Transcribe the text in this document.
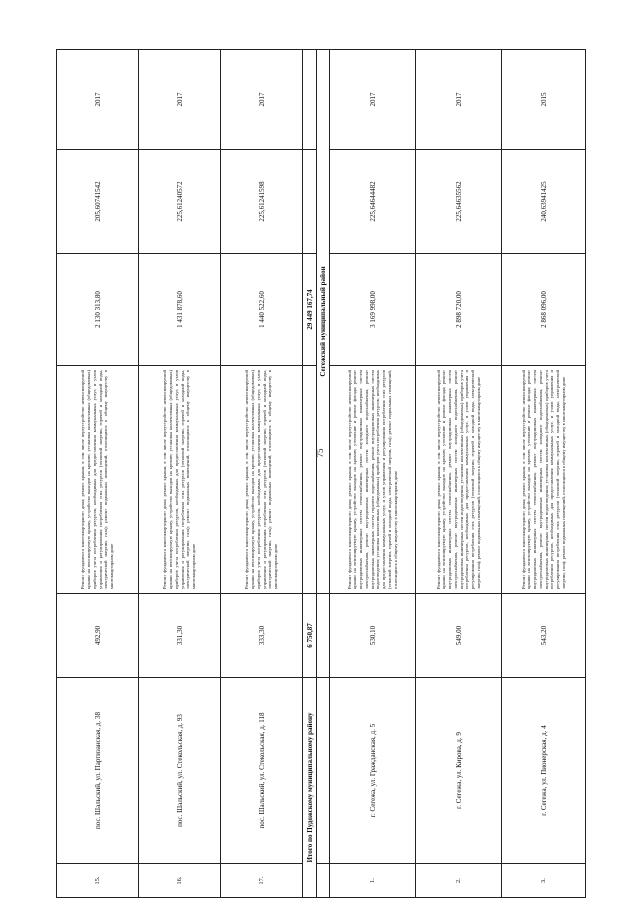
75
15.	пос. Шальский, ул. Партизанская, д. 38	492,90	Ремонт фундамента многоквартирного дома; ремонт крыши, в том числе переустройство невентилируемой крыши на вентилируемую крышу, устройство выходов на кровлю; установка коллективных (общедомовых) приборов учета потребления ресурсов, необходимых для предоставления коммунальных услуг, и узлов управления и регулирования потребления этих ресурсов (тепловой энергии, горячей и холодной воды, электрической энергии, газа); ремонт подвальных помещений, относящихся к общему имуществу в многоквартирном доме	2 130 313,80	205,60741542	2017
16.	пос. Шальский, ул. Стекольская, д. 93	331,30	Ремонт фундамента многоквартирного дома; ремонт крыши, в том числе переустройство невентилируемой крыши на вентилируемую крышу, устройство выходов на кровлю; установка коллективных (общедомовых) приборов учета потребления ресурсов, необходимых для предоставления коммунальных услуг, и узлов управления и регулирования потребления этих ресурсов (тепловой энергии, горячей и холодной воды, электрической энергии, газа); ремонт подвальных помещений, относящихся к общему имуществу в многоквартирном доме	1 431 878,60	225,61240572	2017
17.	пос. Шальский, ул. Стекольская, д. 118	333,30	Ремонт фундамента многоквартирного дома; ремонт крыши, в том числе переустройство невентилируемой крыши на вентилируемую крышу, устройство выходов на кровлю; установка коллективных (общедомовых) приборов учета потребления ресурсов, необходимых для предоставления коммунальных услуг, и узлов управления и регулирования потребления этих ресурсов (тепловой энергии, горячей и холодной воды, электрической энергии, газа); ремонт подвальных помещений, относящихся к общему имуществу в многоквартирном доме	1 440 522,60	225,61241598	2017
Итого по Пудожскому муниципальному району		6 750,87		29 449 167,74		
			Сегежский муниципальный район			
1.	г. Сегежа, ул. Гражданская, д. 5	530,10	Ремонт фундамента многоквартирного дома; ремонт крыши, в том числе переустройство невентилируемой крыши на вентилируемую крышу, устройство выходов на кровлю; утепление и ремонт фасада; ремонт внутридомовых инженерных систем теплоснабжения, ремонт внутридомовых инженерных систем электроснабжения, ремонт внутридомовых инженерных систем холодного водоснабжения, ремонт внутридомовых инженерных систем горячего водоснабжения, ремонт внутридомовых инженерных систем водоотведения; установка коллективных (общедомовых) приборов учета потребления ресурсов, необходимых для предоставления коммунальных услуг, и узлов управления и регулирования потребления этих ресурсов (тепловой энергии, горячей и холодной воды, электрической энергии, газа); ремонт подвальных помещений, относящихся к общему имуществу в многоквартирном доме	3 169 998,00	225,64644482	2017
2.	г. Сегежа, ул. Кирова, д. 9	549,00	Ремонт фундамента многоквартирного дома; ремонт крыши, в том числе переустройство невентилируемой крыши на вентилируемую крышу, устройство выходов на кровлю; утепление и ремонт фасада; ремонт внутридомовых инженерных систем теплоснабжения, ремонт внутридомовых инженерных систем электроснабжения, ремонт внутридомовых инженерных систем холодного водоснабжения, ремонт внутридомовых инженерных систем водоотведения; установка коллективных (общедомовых) приборов учета потребления ресурсов, необходимых для предоставления коммунальных услуг, и узлов управления и регулирования потребления этих ресурсов (тепловой энергии, горячей и холодной воды, электрической энергии, газа); ремонт подвальных помещений, относящихся к общему имуществу в многоквартирном доме	2 898 720,00	225,64635562	2017
3.	г. Сегежа, ул. Пионерская, д. 4	543,20	Ремонт фундамента многоквартирного дома; ремонт крыши, в том числе переустройство невентилируемой крыши на вентилируемую крышу, устройство выходов на кровлю; утепление и ремонт фасада; ремонт внутридомовых инженерных систем теплоснабжения, ремонт внутридомовых инженерных систем электроснабжения, ремонт внутридомовых инженерных систем холодного водоснабжения, ремонт внутридомовых инженерных систем водоотведения; установка коллективных (общедомовых) приборов учета потребления ресурсов, необходимых для предоставления коммунальных услуг, и узлов управления и регулирования потребления этих ресурсов (тепловой энергии, горячей и холодной воды, электрической энергии, газа); ремонт подвальных помещений, относящихся к общему имуществу в многоквартирном доме	2 868 096,00	240,63941425	2015
